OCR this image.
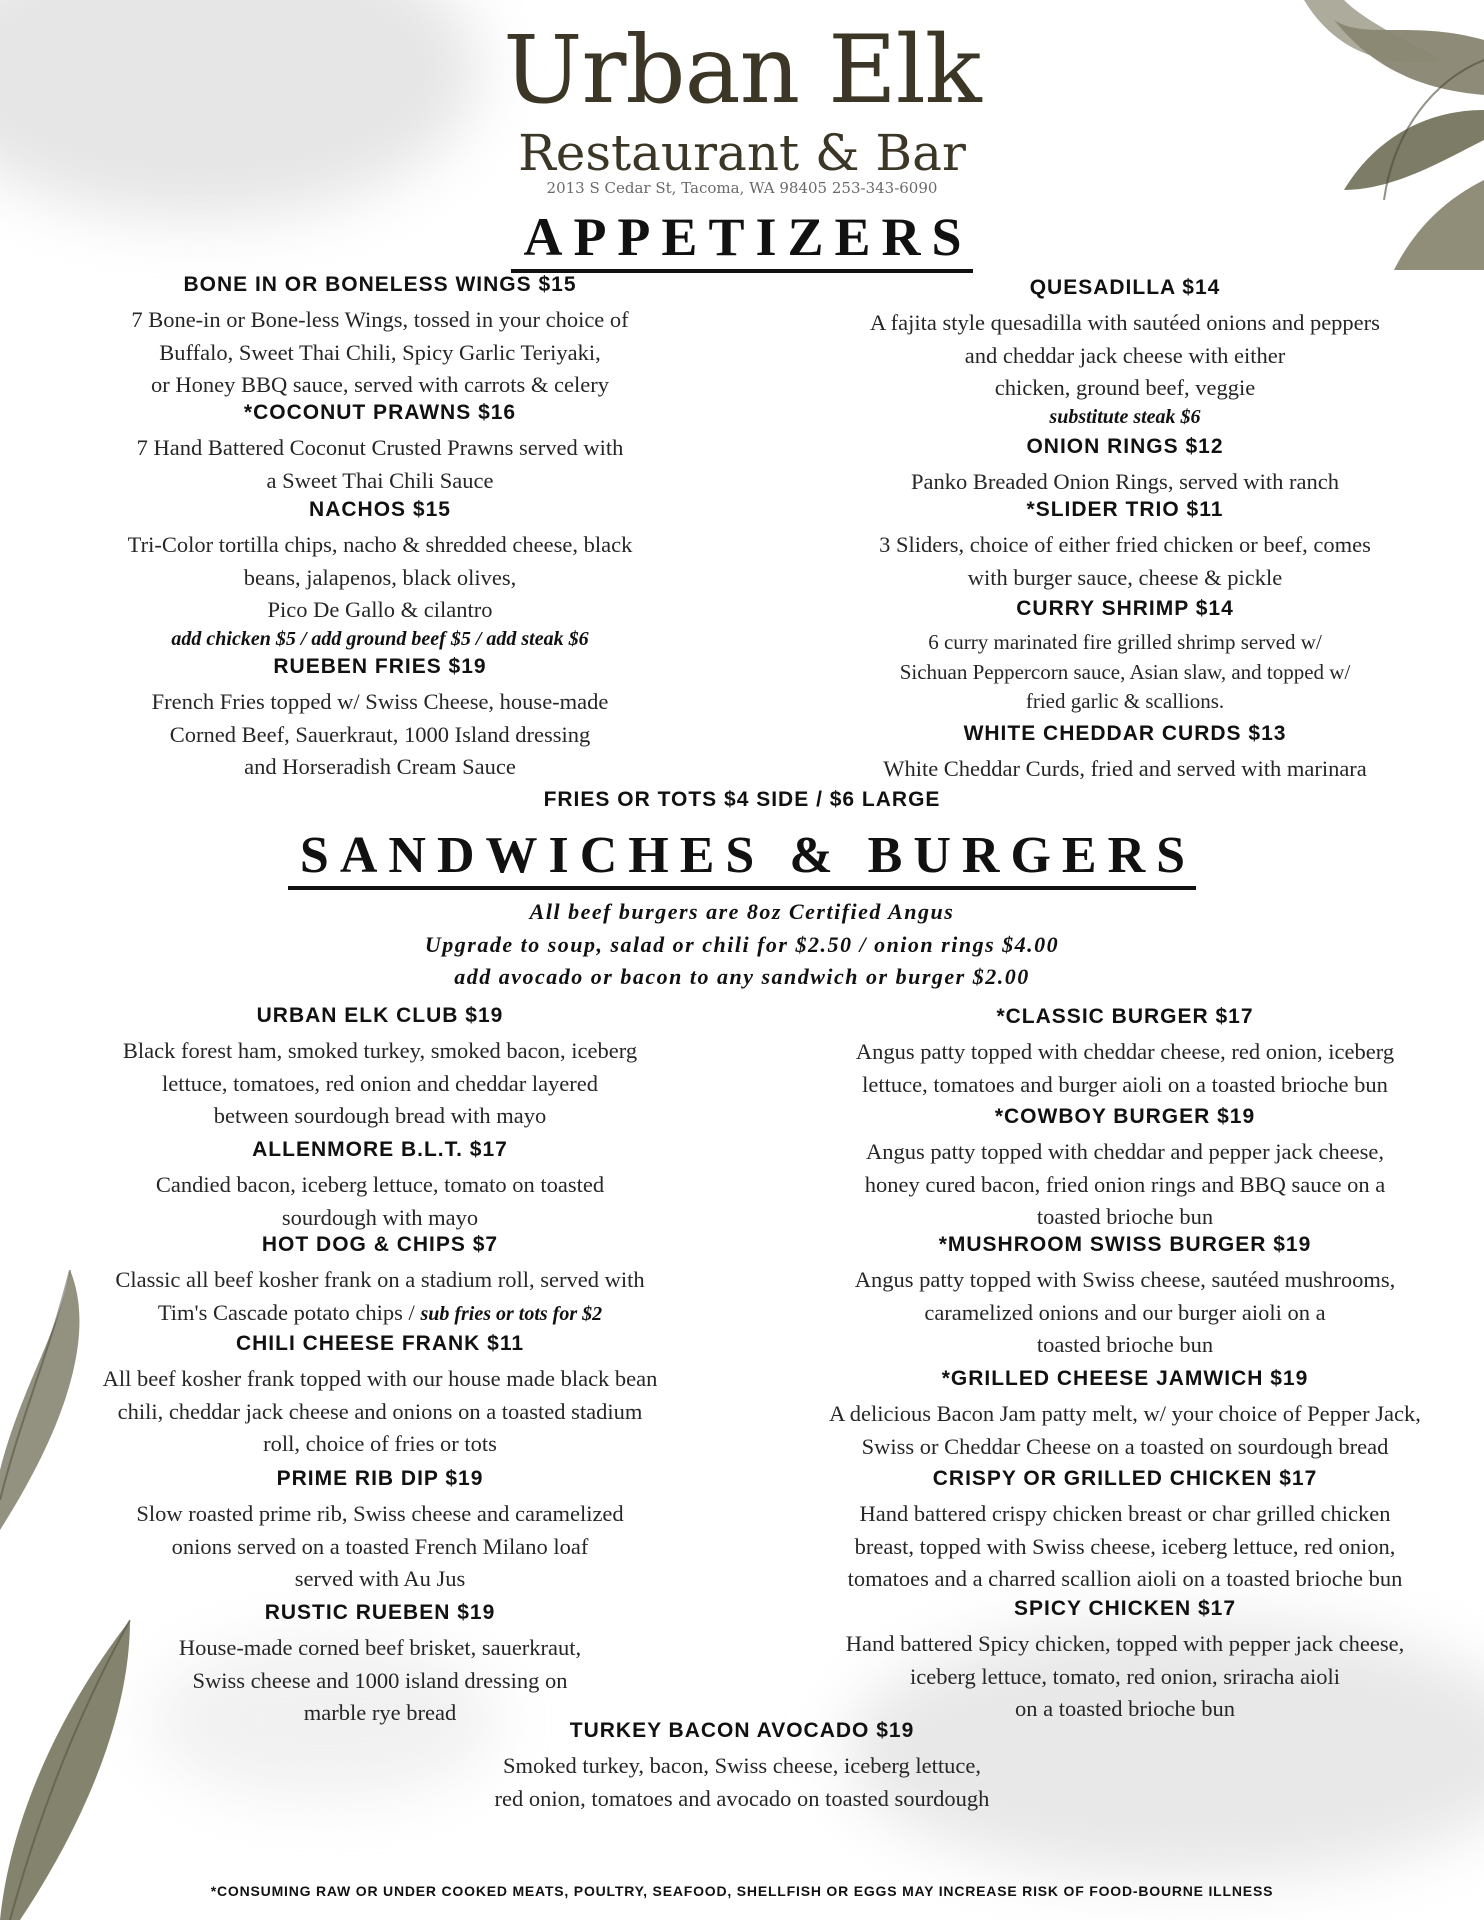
Urban Elk
Restaurant & Bar
2013 S Cedar St, Tacoma, WA 98405 253-343-6090
APPETIZERS
BONE IN OR BONELESS WINGS $15
7 Bone-in or Bone-less Wings, tossed in your choice of
Buffalo, Sweet Thai Chili, Spicy Garlic Teriyaki,
or Honey BBQ sauce, served with carrots & celery
*COCONUT PRAWNS $16
7 Hand Battered Coconut Crusted Prawns served with
a Sweet Thai Chili Sauce
NACHOS $15
Tri-Color tortilla chips, nacho & shredded cheese, black
beans, jalapenos, black olives,
Pico De Gallo & cilantro
add chicken $5 / add ground beef $5 / add steak $6
RUEBEN FRIES $19
French Fries topped w/ Swiss Cheese, house-made
Corned Beef, Sauerkraut, 1000 Island dressing
and Horseradish Cream Sauce
QUESADILLA $14
A fajita style quesadilla with sautéed onions and peppers
and cheddar jack cheese with either
chicken, ground beef, veggie
substitute steak $6
ONION RINGS $12
Panko Breaded Onion Rings, served with ranch
*SLIDER TRIO $11
3 Sliders, choice of either fried chicken or beef, comes
with burger sauce, cheese & pickle
CURRY SHRIMP $14
6 curry marinated fire grilled shrimp served w/
Sichuan Peppercorn sauce, Asian slaw, and topped w/
fried garlic & scallions.
WHITE CHEDDAR CURDS $13
White Cheddar Curds, fried and served with marinara
FRIES OR TOTS $4 SIDE / $6 LARGE
SANDWICHES & BURGERS
All beef burgers are 8oz Certified Angus
Upgrade to soup, salad or chili for $2.50 / onion rings $4.00
add avocado or bacon to any sandwich or burger $2.00
URBAN ELK CLUB $19
Black forest ham, smoked turkey, smoked bacon, iceberg
lettuce, tomatoes, red onion and cheddar layered
between sourdough bread with mayo
ALLENMORE B.L.T. $17
Candied bacon, iceberg lettuce, tomato on toasted
sourdough with mayo
HOT DOG & CHIPS $7
Classic all beef kosher frank on a stadium roll, served with
Tim's Cascade potato chips / sub fries or tots for $2
CHILI CHEESE FRANK $11
All beef kosher frank topped with our house made black bean
chili, cheddar jack cheese and onions on a toasted stadium
roll, choice of fries or tots
PRIME RIB DIP $19
Slow roasted prime rib, Swiss cheese and caramelized
onions served on a toasted French Milano loaf
served with Au Jus
RUSTIC RUEBEN $19
House-made corned beef brisket, sauerkraut,
Swiss cheese and 1000 island dressing on
marble rye bread
*CLASSIC BURGER $17
Angus patty topped with cheddar cheese, red onion, iceberg
lettuce, tomatoes and burger aioli on a toasted brioche bun
*COWBOY BURGER $19
Angus patty topped with cheddar and pepper jack cheese,
honey cured bacon, fried onion rings and BBQ sauce on a
toasted brioche bun
*MUSHROOM SWISS BURGER $19
Angus patty topped with Swiss cheese, sautéed mushrooms,
caramelized onions and our burger aioli on a
toasted brioche bun
*GRILLED CHEESE JAMWICH $19
A delicious Bacon Jam patty melt, w/ your choice of Pepper Jack,
Swiss or Cheddar Cheese on a toasted on sourdough bread
CRISPY OR GRILLED CHICKEN $17
Hand battered crispy chicken breast or char grilled chicken
breast, topped with Swiss cheese, iceberg lettuce, red onion,
tomatoes and a charred scallion aioli on a toasted brioche bun
SPICY CHICKEN $17
Hand battered Spicy chicken, topped with pepper jack cheese,
iceberg lettuce, tomato, red onion, sriracha aioli
on a toasted brioche bun
TURKEY BACON AVOCADO $19
Smoked turkey, bacon, Swiss cheese, iceberg lettuce,
red onion, tomatoes and avocado on toasted sourdough
*CONSUMING RAW OR UNDER COOKED MEATS, POULTRY, SEAFOOD, SHELLFISH OR EGGS MAY INCREASE RISK OF FOOD-BOURNE ILLNESS
